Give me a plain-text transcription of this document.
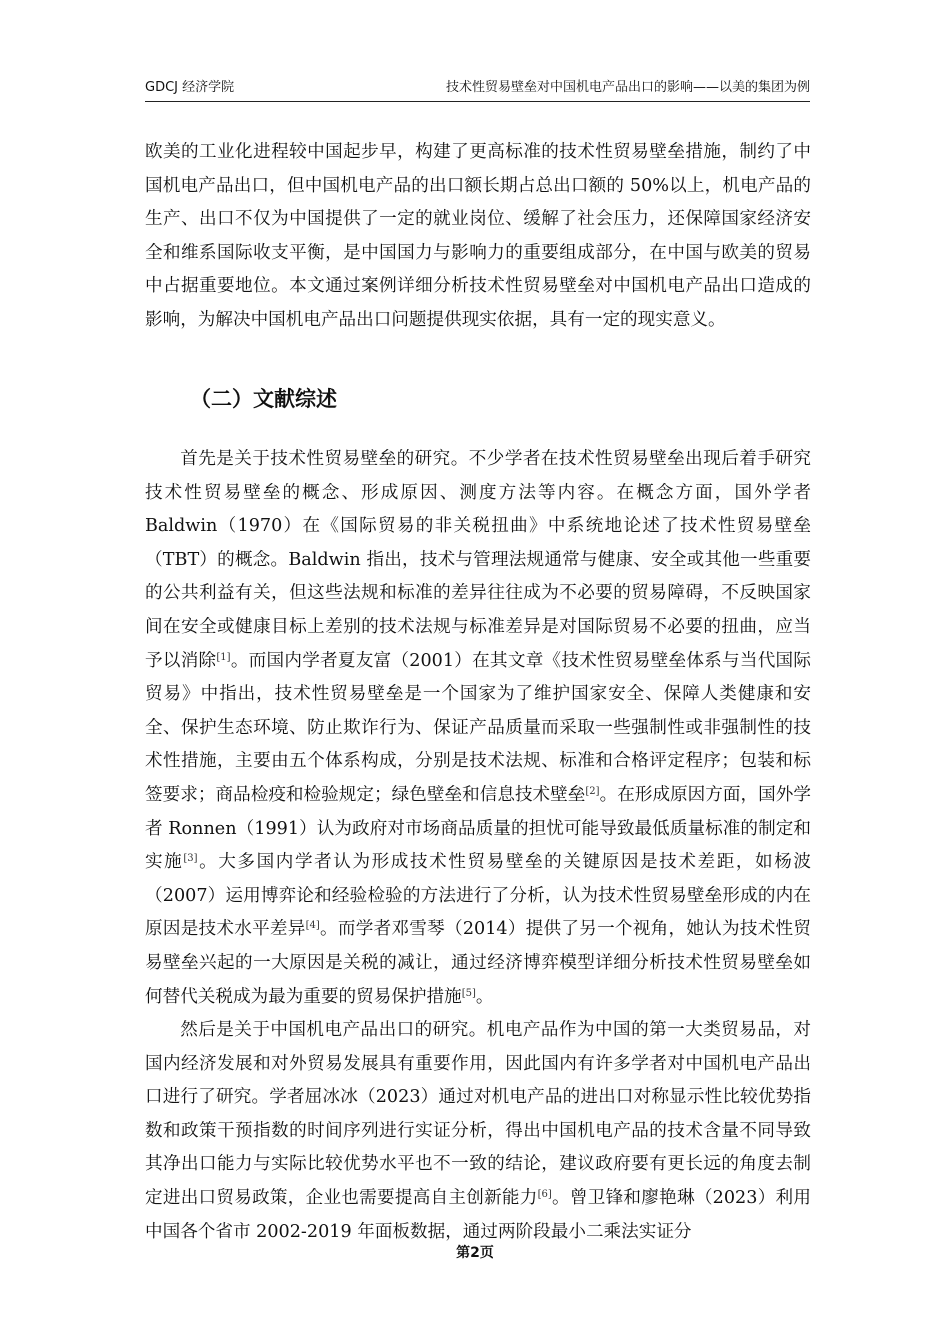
GDCJ 经济学院	技术性贸易壁垒对中国机电产品出口的影响——以美的集团为例

欧美的工业化进程较中国起步早，构建了更高标准的技术性贸易壁垒措施，制约了中国机电产品出口，但中国机电产品的出口额长期占总出口额的 50%以上，机电产品的生产、出口不仅为中国提供了一定的就业岗位、缓解了社会压力，还保障国家经济安全和维系国际收支平衡，是中国国力与影响力的重要组成部分，在中国与欧美的贸易中占据重要地位。本文通过案例详细分析技术性贸易壁垒对中国机电产品出口造成的影响，为解决中国机电产品出口问题提供现实依据，具有一定的现实意义。

（二）文献综述

首先是关于技术性贸易壁垒的研究。不少学者在技术性贸易壁垒出现后着手研究技术性贸易壁垒的概念、形成原因、测度方法等内容。在概念方面，国外学者 Baldwin（1970）在《国际贸易的非关税扭曲》中系统地论述了技术性贸易壁垒（TBT）的概念。Baldwin 指出，技术与管理法规通常与健康、安全或其他一些重要的公共利益有关，但这些法规和标准的差异往往成为不必要的贸易障碍，不反映国家间在安全或健康目标上差别的技术法规与标准差异是对国际贸易不必要的扭曲，应当予以消除[1]。而国内学者夏友富（2001）在其文章《技术性贸易壁垒体系与当代国际贸易》中指出，技术性贸易壁垒是一个国家为了维护国家安全、保障人类健康和安全、保护生态环境、防止欺诈行为、保证产品质量而采取一些强制性或非强制性的技术性措施，主要由五个体系构成，分别是技术法规、标准和合格评定程序；包装和标签要求；商品检疫和检验规定；绿色壁垒和信息技术壁垒[2]。在形成原因方面，国外学者 Ronnen（1991）认为政府对市场商品质量的担忧可能导致最低质量标准的制定和实施[3]。大多国内学者认为形成技术性贸易壁垒的关键原因是技术差距，如杨波（2007）运用博弈论和经验检验的方法进行了分析，认为技术性贸易壁垒形成的内在原因是技术水平差异[4]。而学者邓雪琴（2014）提供了另一个视角，她认为技术性贸易壁垒兴起的一大原因是关税的减让，通过经济博弈模型详细分析技术性贸易壁垒如何替代关税成为最为重要的贸易保护措施[5]。

然后是关于中国机电产品出口的研究。机电产品作为中国的第一大类贸易品，对国内经济发展和对外贸易发展具有重要作用，因此国内有许多学者对中国机电产品出口进行了研究。学者屈冰冰（2023）通过对机电产品的进出口对称显示性比较优势指数和政策干预指数的时间序列进行实证分析，得出中国机电产品的技术含量不同导致其净出口能力与实际比较优势水平也不一致的结论，建议政府要有更长远的角度去制定进出口贸易政策，企业也需要提高自主创新能力[6]。曾卫锋和廖艳琳（2023）利用中国各个省市 2002-2019 年面板数据，通过两阶段最小二乘法实证分

第2页
